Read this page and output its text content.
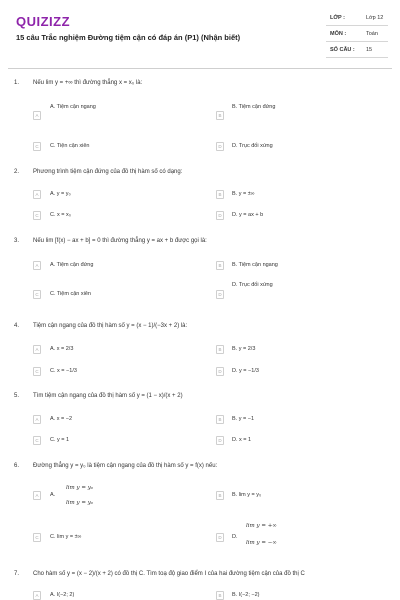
QUIZIZZ
15 câu Trắc nghiệm Đường tiệm cận có đáp án (P1) (Nhận biết)
LỚP :	Lớp 12
MÔN :	Toán
SỐ CÂU : 15
1. Nếu lim y = +∞ thì đường thẳng x = x₀ là:
A
A. Tiệm cận ngang
B
B. Tiệm cận đứng
C	C. Tiện cận xiên	D	D. Trục đối xứng
2. Phương trình tiệm cận đứng của đồ thị hàm số có dạng:
A	A. y = y₀	B	B. y = ±∞
C	C. x = x₀	D	D. y = ax + b
3. Nếu lim [f(x) − ax + b] = 0 thì đường thẳng y = ax + b được gọi là:
A	A. Tiệm cận đứng	B	B. Tiệm cận ngang
C	C. Tiệm cận xiên	D
D. Trục đối xứng
4. Tiệm cận ngang của đồ thị hàm số y = (x − 1)/(−3x + 2) là:
A	A. x = 2/3	B	B. y = 2/3
C	C. x = −1/3	D	D. y = −1/3
5. Tìm tiệm cận ngang của đồ thị hàm số y = (1 − x)/(x + 2)
A	A. x = −2	B	B. y = −1
C	C. y = 1	D	D. x = 1
6. Đường thẳng y = y₀ là tiệm cận ngang của đồ thị hàm số y = f(x) nếu:
A	A.
lim y = y₀
lim y = y₀
B	B. lim y = y₀
C	C. lim y = ±∞	D	D.
lim y = +∞
lim y = −∞
7. Cho hàm số y = (x − 2)/(x + 2) có đồ thị C. Tìm toạ độ giao điểm I của hai đường tiệm cận của đồ thị C
A	A. I(−2; 2)	B	B. I(−2; −2)
